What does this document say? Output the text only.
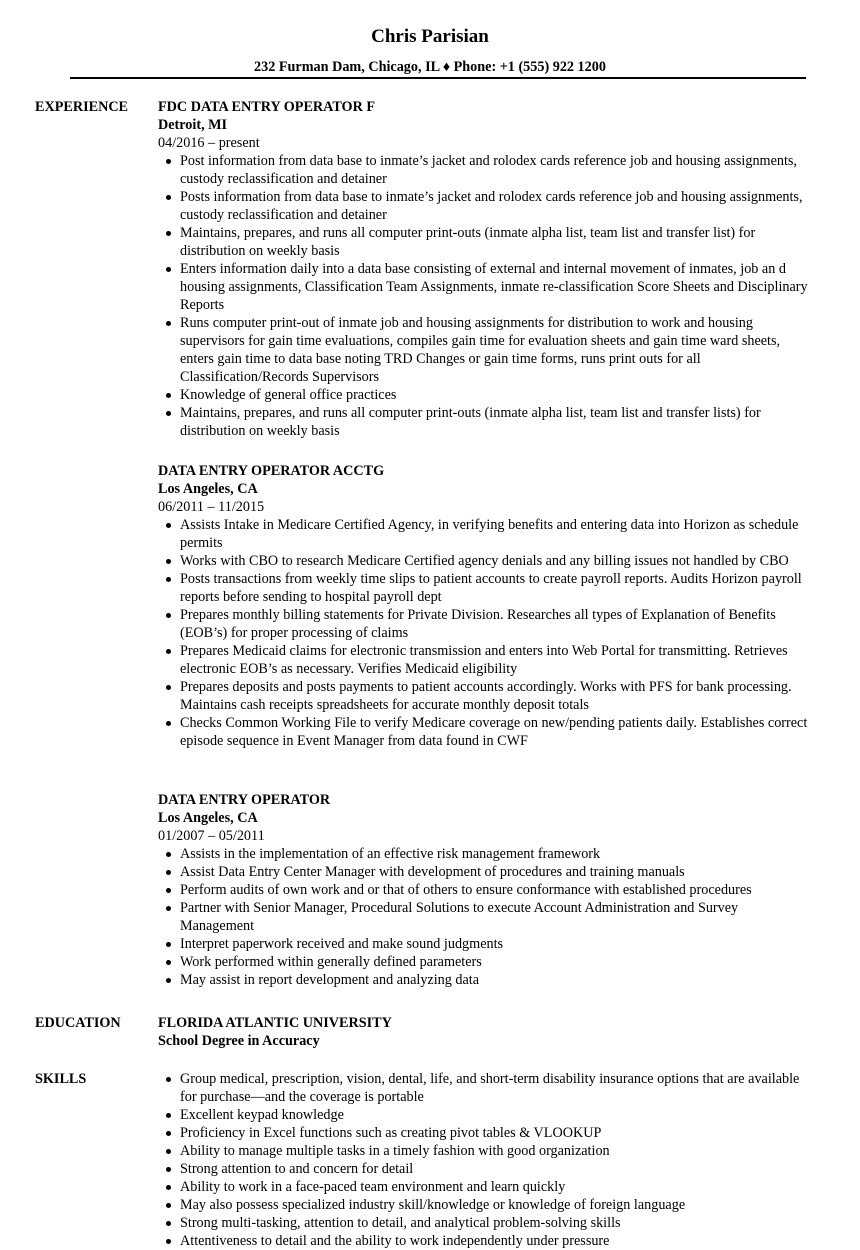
Chris Parisian
232 Furman Dam, Chicago, IL ♦ Phone: +1 (555) 922 1200
EXPERIENCE FDC DATA ENTRY OPERATOR F
Detroit, MI
04/2016 – present
Post information from data base to inmate’s jacket and rolodex cards reference job and housing assignments, custody reclassification and detainer
Posts information from data base to inmate’s jacket and rolodex cards reference job and housing assignments, custody reclassification and detainer
Maintains, prepares, and runs all computer print-outs (inmate alpha list, team list and transfer list) for distribution on weekly basis
Enters information daily into a data base consisting of external and internal movement of inmates, job an d housing assignments, Classification Team Assignments, inmate re-classification Score Sheets and Disciplinary Reports
Runs computer print-out of inmate job and housing assignments for distribution to work and housing supervisors for gain time evaluations, compiles gain time for evaluation sheets and gain time ward sheets, enters gain time to data base noting TRD Changes or gain time forms, runs print outs for all Classification/Records Supervisors
Knowledge of general office practices
Maintains, prepares, and runs all computer print-outs (inmate alpha list, team list and transfer lists) for distribution on weekly basis
DATA ENTRY OPERATOR ACCTG
Los Angeles, CA
06/2011 – 11/2015
Assists Intake in Medicare Certified Agency, in verifying benefits and entering data into Horizon as schedule permits
Works with CBO to research Medicare Certified agency denials and any billing issues not handled by CBO
Posts transactions from weekly time slips to patient accounts to create payroll reports. Audits Horizon payroll reports before sending to hospital payroll dept
Prepares monthly billing statements for Private Division. Researches all types of Explanation of Benefits (EOB’s) for proper processing of claims
Prepares Medicaid claims for electronic transmission and enters into Web Portal for transmitting. Retrieves electronic EOB’s as necessary. Verifies Medicaid eligibility
Prepares deposits and posts payments to patient accounts accordingly. Works with PFS for bank processing. Maintains cash receipts spreadsheets for accurate monthly deposit totals
Checks Common Working File to verify Medicare coverage on new/pending patients daily. Establishes correct episode sequence in Event Manager from data found in CWF
DATA ENTRY OPERATOR
Los Angeles, CA
01/2007 – 05/2011
Assists in the implementation of an effective risk management framework
Assist Data Entry Center Manager with development of procedures and training manuals
Perform audits of own work and or that of others to ensure conformance with established procedures
Partner with Senior Manager, Procedural Solutions to execute Account Administration and Survey Management
Interpret paperwork received and make sound judgments
Work performed within generally defined parameters
May assist in report development and analyzing data
EDUCATION	FLORIDA ATLANTIC UNIVERSITY
School Degree in Accuracy
SKILLS	Group medical, prescription, vision, dental, life, and short-term disability insurance options that are available for purchase—and the coverage is portable
Excellent keypad knowledge
Proficiency in Excel functions such as creating pivot tables & VLOOKUP
Ability to manage multiple tasks in a timely fashion with good organization
Strong attention to and concern for detail
Ability to work in a face-paced team environment and learn quickly
May also possess specialized industry skill/knowledge or knowledge of foreign language
Strong multi-tasking, attention to detail, and analytical problem-solving skills
Attentiveness to detail and the ability to work independently under pressure
